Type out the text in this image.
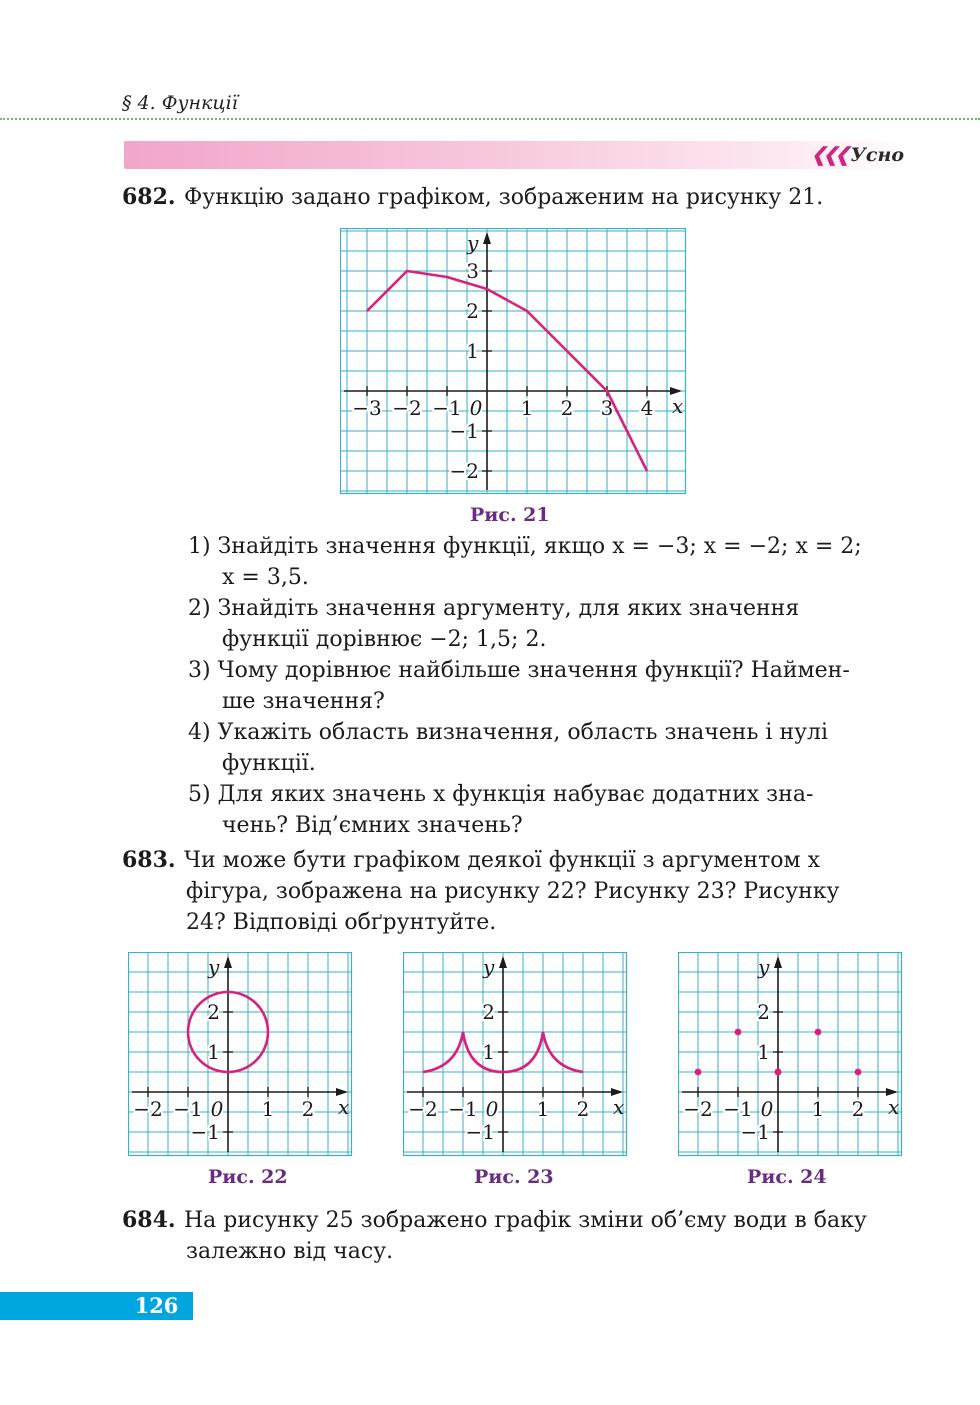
§ 4. Функції
❮❮❮ Усно
682. Функцію задано графіком, зображеним на рисунку 21.
−3 −2 −1 0 1 2 3 4
3
2
1
−1
−2
x
y
Рис. 21
1) Знайдіть значення функції, якщо x = −3; x = −2; x = 2;
x = 3,5.
2) Знайдіть значення аргументу, для яких значення
функції дорівнює −2; 1,5; 2.
3) Чому дорівнює найбільше значення функції? Наймен-
ше значення?
4) Укажіть область визначення, область значень і нулі
функції.
5) Для яких значень x функція набуває додатних зна-
чень? Від’ємних значень?
683. Чи може бути графіком деякої функції з аргументом x
фігура, зображена на рисунку 22? Рисунку 23? Рисунку
24? Відповіді обґрунтуйте.
−2 −1 0 1 2
2
1
−1
x
y
−2 −1 0 1 2
2
1
−1
x
y
−2 −1 0 1 2
2
1
−1
x
y
Рис. 22	Рис. 23	Рис. 24
684. На рисунку 25 зображено графік зміни об’єму води в баку
залежно від часу.
126
